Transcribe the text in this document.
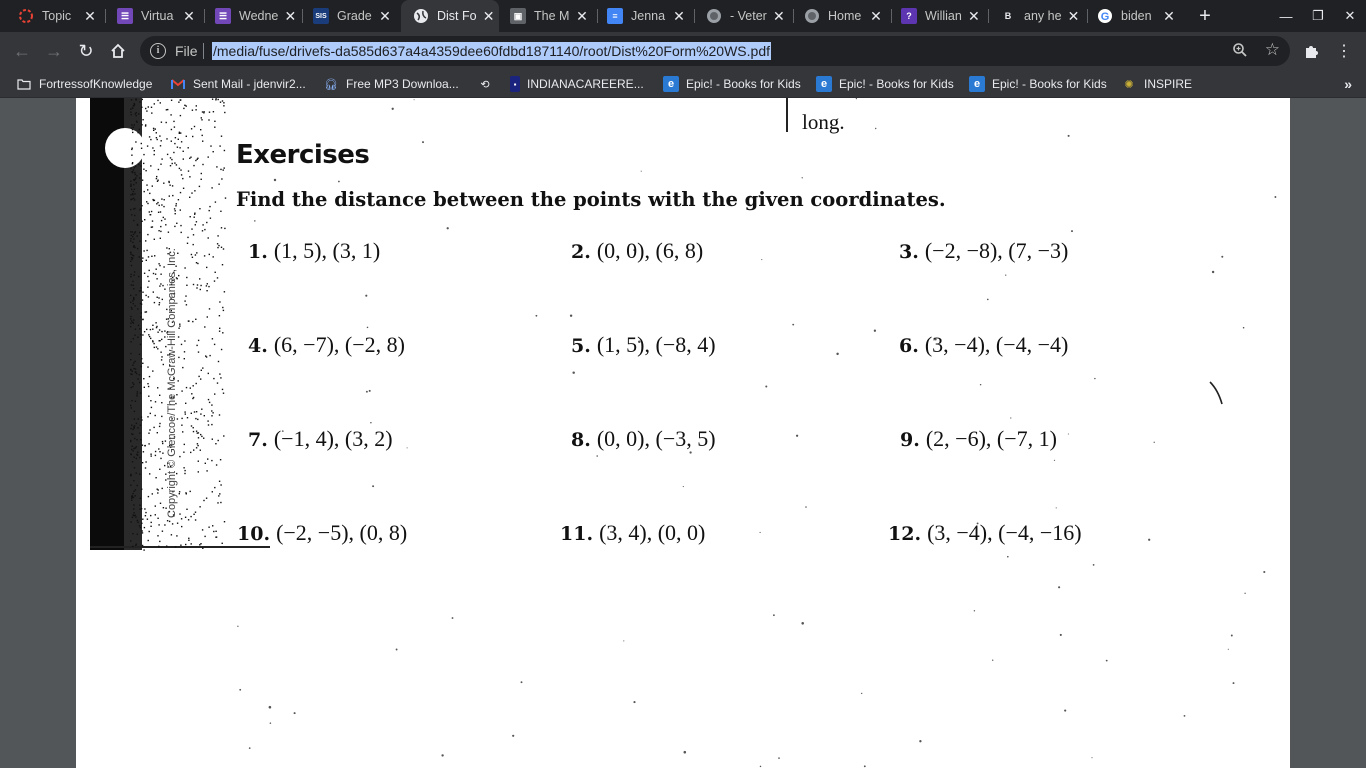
Topic ✕	☰ Virtua ✕	☰ Wedne ✕	SIS Grade ✕	Dist Fo ✕	▣ The M ✕	≡	Jenna ✕	- Veter ✕	Home ✕	?	Willian ✕	B	any he ✕ G biden ✕ +	—	❐	✕
← → ↻	i	File /media/fuse/drivefs-da585d637a4a4359dee60fdbd1871140/root/Dist%20Form%20WS.pdf	☆	⋮
FortressofKnowledge	Sent Mail - jdenvir2... 🎧︎ Free MP3 Downloa...	⟲	▪ INDIANACAREERE...	e Epic! - Books for Kids	e Epic! - Books for Kids	e Epic! - Books for Kids	✺ INSPIRE	»
Copyright © Glencoe/The McGraw-Hill Companies, Inc.
long.
Exercises
Find the distance between the points with the given coordinates.
1. (1, 5), (3, 1)	2. (0, 0), (6, 8)	3. (−2, −8), (7, −3)
4. (6, −7), (−2, 8)	5. (1, 5), (−8, 4)	6. (3, −4), (−4, −4)
7. (−1, 4), (3, 2)	8. (0, 0), (−3, 5)	9. (2, −6), (−7, 1)
10. (−2, −5), (0, 8)	11. (3, 4), (0, 0)	12. (3, −4), (−4, −16)
